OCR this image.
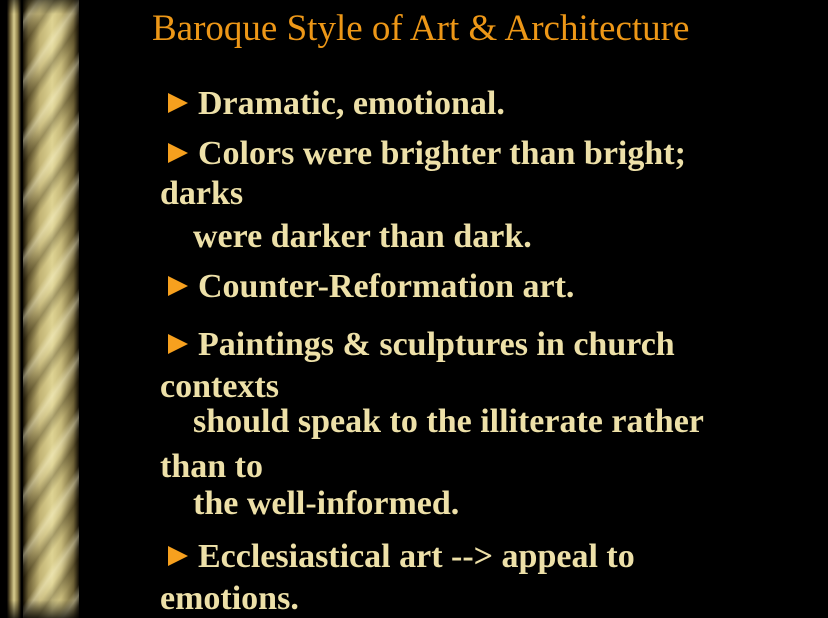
Baroque Style of Art & Architecture
Dramatic, emotional.
Colors were brighter than bright;
darks
were darker than dark.
Counter-Reformation art.
Paintings & sculptures in church
contexts
should speak to the illiterate rather
than to
the well-informed.
Ecclesiastical art --> appeal to
emotions.
